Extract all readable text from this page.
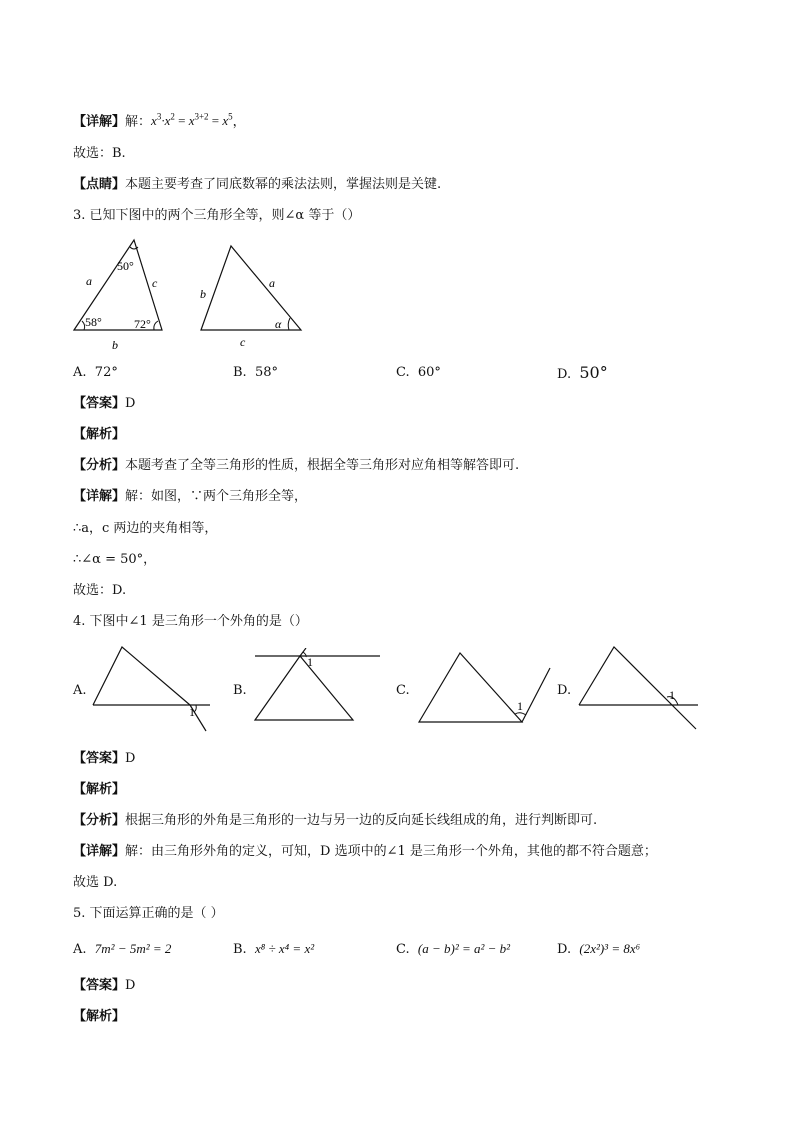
【详解】解：$x^3\cdot x^2 = x^{3+2} = x^5$，
故选：B.
【点睛】本题主要考查了同底数幂的乘法法则，掌握法则是关键.
3. 已知下图中的两个三角形全等，则∠α 等于（）
a	c
b
50°
58°	72°
b
a
c
α
A. 72°	B. 58°	C. 60°	D. 50°
【答案】D
【解析】
【分析】本题考查了全等三角形的性质，根据全等三角形对应角相等解答即可.
【详解】解：如图，∵两个三角形全等，
∴a，c 两边的夹角相等，
∴∠α = 50°，
故选：D.
4. 下图中∠1 是三角形一个外角的是（）
A.
1
B.
1
C.
1
D.	1
【答案】D
【解析】
【分析】根据三角形的外角是三角形的一边与另一边的反向延长线组成的角，进行判断即可.
【详解】解：由三角形外角的定义，可知，D 选项中的∠1 是三角形一个外角，其他的都不符合题意；
故选 D.
5. 下面运算正确的是（ ）
A. 7m² − 5m² = 2	B. x⁸ ÷ x⁴ = x²	C. (a − b)² = a² − b²	D. (2x²)³ = 8x⁶
【答案】D
【解析】
